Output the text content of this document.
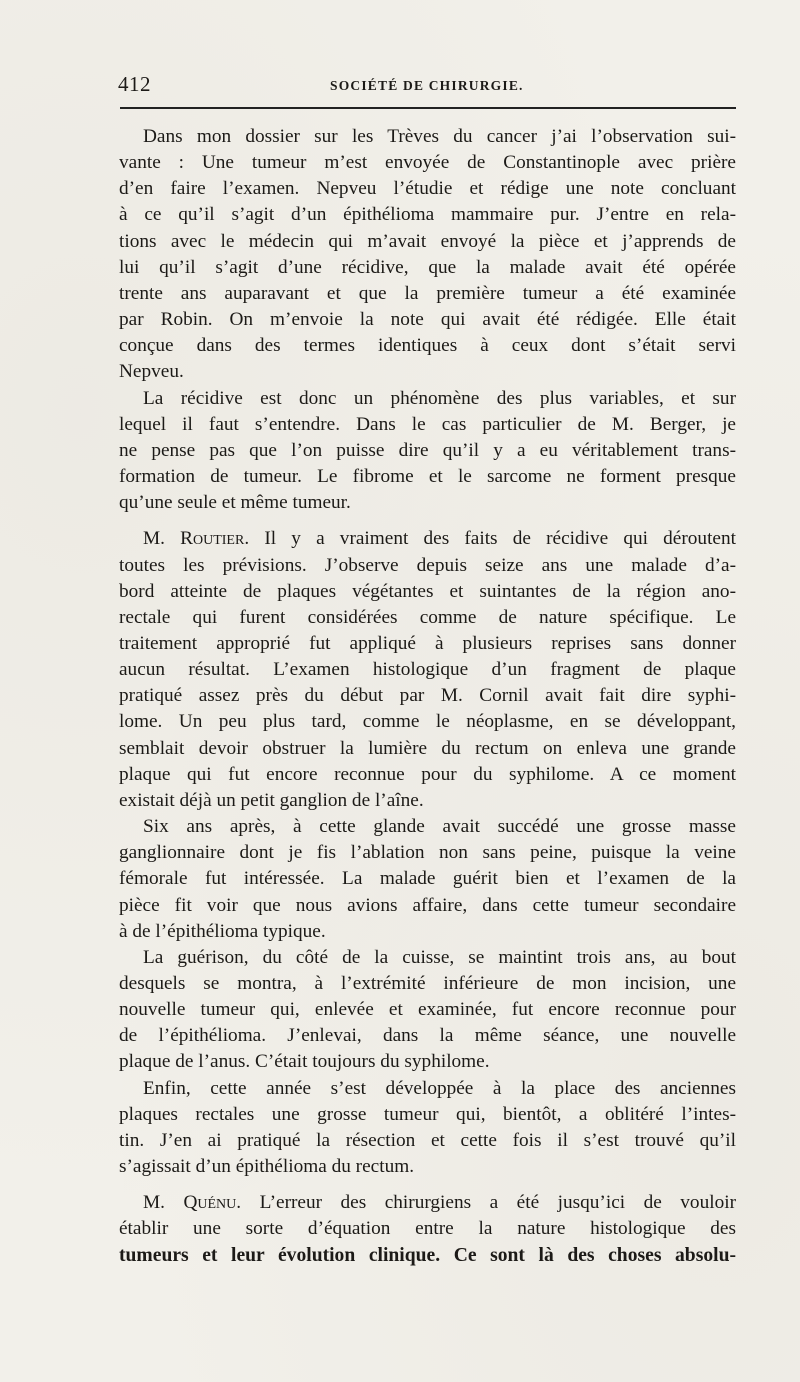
412	SOCIÉTÉ DE CHIRURGIE.
Dans mon dossier sur les Trèves du cancer j’ai l’observation sui-
vante : Une tumeur m’est envoyée de Constantinople avec prière
d’en faire l’examen. Nepveu l’étudie et rédige une note concluant
à ce qu’il s’agit d’un épithélioma mammaire pur. J’entre en rela-
tions avec le médecin qui m’avait envoyé la pièce et j’apprends de
lui qu’il s’agit d’une récidive, que la malade avait été opérée
trente ans auparavant et que la première tumeur a été examinée
par Robin. On m’envoie la note qui avait été rédigée. Elle était
conçue dans des termes identiques à ceux dont s’était servi
Nepveu.
La récidive est donc un phénomène des plus variables, et sur
lequel il faut s’entendre. Dans le cas particulier de M. Berger, je
ne pense pas que l’on puisse dire qu’il y a eu véritablement trans-
formation de tumeur. Le fibrome et le sarcome ne forment presque
qu’une seule et même tumeur.
M. Routier. Il y a vraiment des faits de récidive qui déroutent
toutes les prévisions. J’observe depuis seize ans une malade d’a-
bord atteinte de plaques végétantes et suintantes de la région ano-
rectale qui furent considérées comme de nature spécifique. Le
traitement approprié fut appliqué à plusieurs reprises sans donner
aucun résultat. L’examen histologique d’un fragment de plaque
pratiqué assez près du début par M. Cornil avait fait dire syphi-
lome. Un peu plus tard, comme le néoplasme, en se développant,
semblait devoir obstruer la lumière du rectum on enleva une grande
plaque qui fut encore reconnue pour du syphilome. A ce moment
existait déjà un petit ganglion de l’aîne.
Six ans après, à cette glande avait succédé une grosse masse
ganglionnaire dont je fis l’ablation non sans peine, puisque la veine
fémorale fut intéressée. La malade guérit bien et l’examen de la
pièce fit voir que nous avions affaire, dans cette tumeur secondaire
à de l’épithélioma typique.
La guérison, du côté de la cuisse, se maintint trois ans, au bout
desquels se montra, à l’extrémité inférieure de mon incision, une
nouvelle tumeur qui, enlevée et examinée, fut encore reconnue pour
de l’épithélioma. J’enlevai, dans la même séance, une nouvelle
plaque de l’anus. C’était toujours du syphilome.
Enfin, cette année s’est développée à la place des anciennes
plaques rectales une grosse tumeur qui, bientôt, a oblitéré l’intes-
tin. J’en ai pratiqué la résection et cette fois il s’est trouvé qu’il
s’agissait d’un épithélioma du rectum.
M. Quénu. L’erreur des chirurgiens a été jusqu’ici de vouloir
établir une sorte d’équation entre la nature histologique des
tumeurs et leur évolution clinique. Ce sont là des choses absolu-
